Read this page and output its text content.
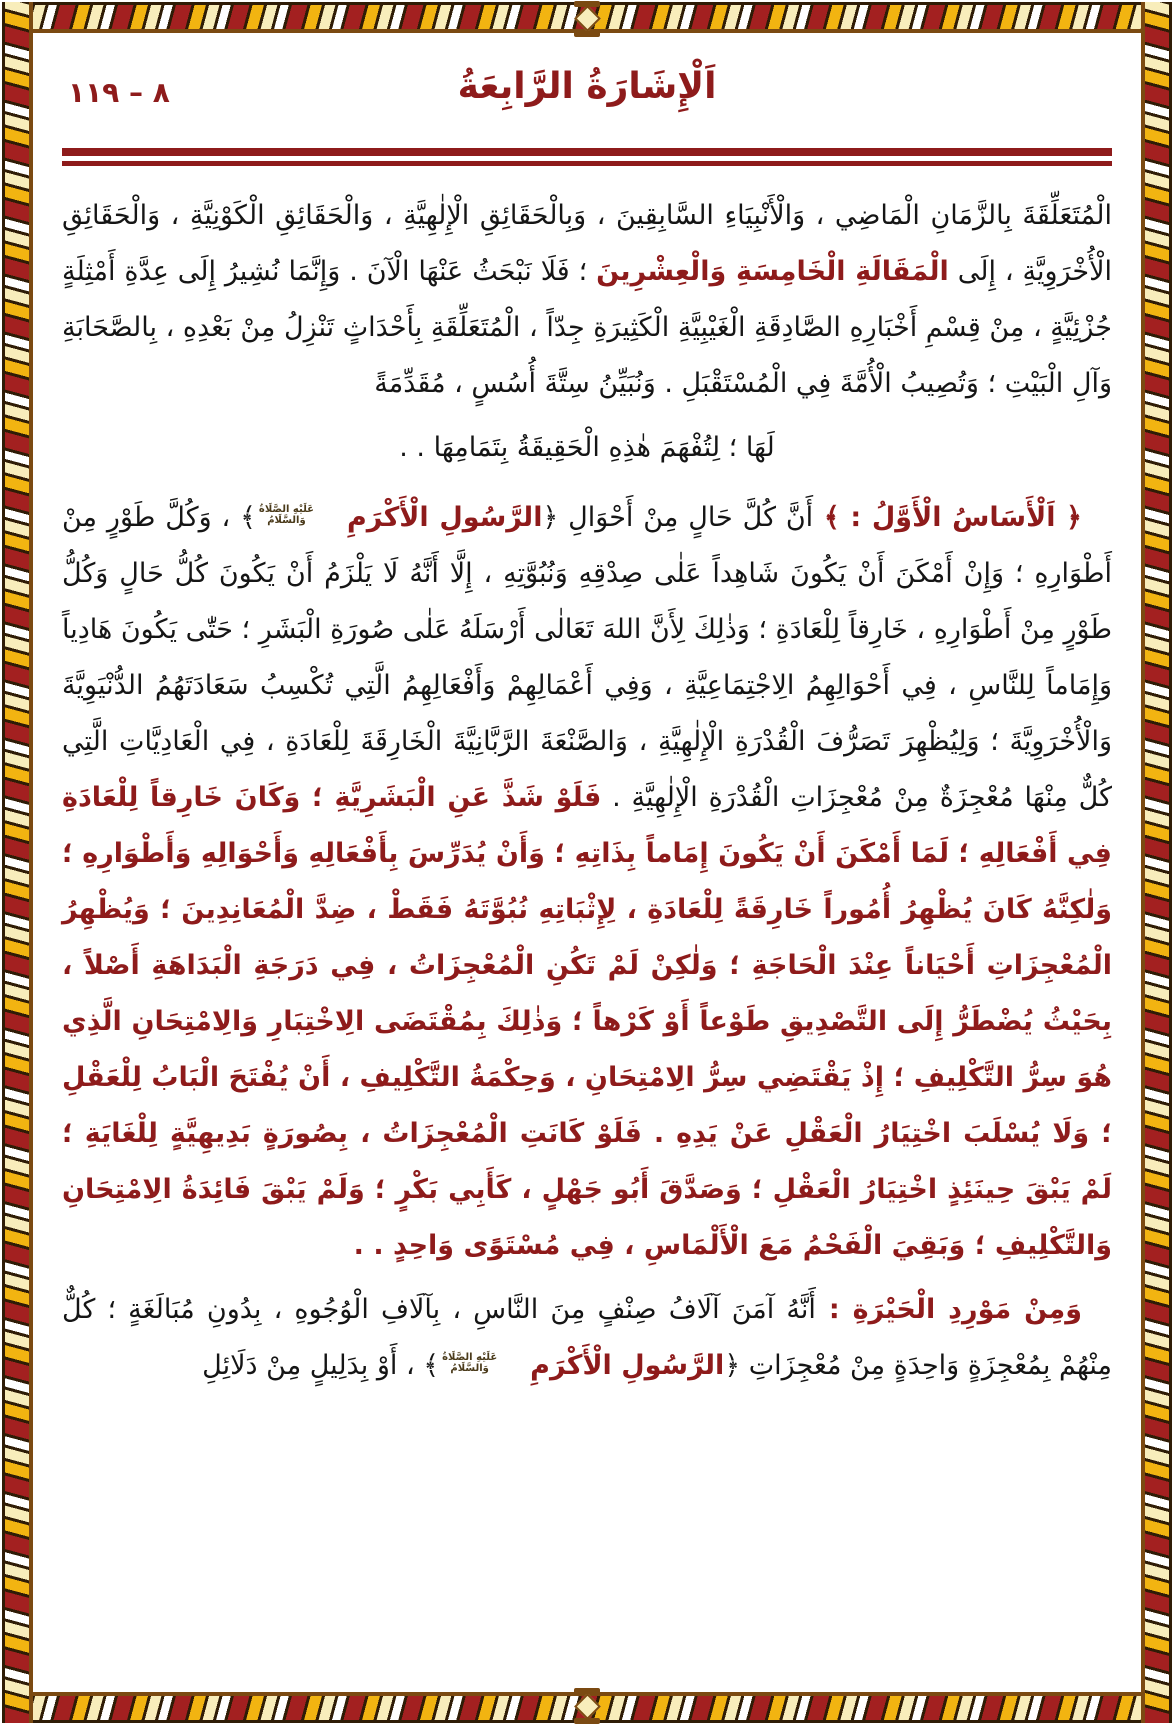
٨ – ١١٩	اَلْإِشَارَةُ الرَّابِعَةُ
الْمُتَعَلِّقَةَ بِالزَّمَانِ الْمَاضِي ، وَالْأَنْبِيَاءِ السَّابِقِينَ ، وَبِالْحَقَائِقِ الْإِلٰهِيَّةِ ، وَالْحَقَائِقِ الْكَوْنِيَّةِ ، وَالْحَقَائِقِ الْأُخْرَوِيَّةِ ، إِلَى الْمَقَالَةِ الْخَامِسَةِ وَالْعِشْرِينَ ؛ فَلَا نَبْحَثُ عَنْهَا الْآنَ . وَإِنَّمَا نُشِيرُ إِلَى عِدَّةِ أَمْثِلَةٍ جُزْئِيَّةٍ ، مِنْ قِسْمِ أَخْبَارِهِ الصَّادِقَةِ الْغَيْبِيَّةِ الْكَثِيرَةِ جِدّاً ، الْمُتَعَلِّقَةِ بِأَحْدَاثٍ تَنْزِلُ مِنْ بَعْدِهِ ، بِالصَّحَابَةِ وَآلِ الْبَيْتِ ؛ وَتُصِيبُ الْأُمَّةَ فِي الْمُسْتَقْبَلِ . وَنُبَيِّنُ سِتَّةَ أُسُسٍ ، مُقَدِّمَةً
لَهَا ؛ لِتُفْهَمَ هٰذِهِ الْحَقِيقَةُ بِتَمَامِهَا . .
﴿ اَلْأَسَاسُ الْأَوَّلُ : ﴾ أَنَّ كُلَّ حَالٍ مِنْ أَحْوَالِ ﴿الرَّسُولِ الْأَكْرَمِ
عَلَيْهِ الصَّلَاةُ
وَالسَّلَامُ
﴾ ، وَكُلَّ طَوْرٍ مِنْ أَطْوَارِهِ ؛ وَإِنْ أَمْكَنَ أَنْ يَكُونَ شَاهِداً عَلٰى صِدْقِهِ وَنُبُوَّتِهِ ، إِلَّا أَنَّهُ لَا يَلْزَمُ أَنْ يَكُونَ كُلُّ حَالٍ وَكُلُّ طَوْرٍ مِنْ أَطْوَارِهِ ، خَارِقاً لِلْعَادَةِ ؛ وَذٰلِكَ لِأَنَّ اللهَ تَعَالٰى أَرْسَلَهُ عَلٰى صُورَةِ الْبَشَرِ ؛ حَتّٰى يَكُونَ هَادِياً وَإِمَاماً لِلنَّاسِ ، فِي أَحْوَالِهِمُ الِاجْتِمَاعِيَّةِ ، وَفِي أَعْمَالِهِمْ وَأَفْعَالِهِمُ الَّتِي تُكْسِبُ سَعَادَتَهُمُ الدُّنْيَوِيَّةَ وَالْأُخْرَوِيَّةَ ؛ وَلِيُظْهِرَ تَصَرُّفَ الْقُدْرَةِ الْإِلٰهِيَّةِ ، وَالصَّنْعَةَ الرَّبَّانِيَّةَ الْخَارِقَةَ لِلْعَادَةِ ، فِي الْعَادِيَّاتِ الَّتِي كُلٌّ مِنْهَا مُعْجِزَةٌ مِنْ مُعْجِزَاتِ الْقُدْرَةِ الْإِلٰهِيَّةِ . فَلَوْ شَذَّ عَنِ الْبَشَرِيَّةِ ؛ وَكَانَ خَارِقاً لِلْعَادَةِ فِي أَفْعَالِهِ ؛ لَمَا أَمْكَنَ أَنْ يَكُونَ إِمَاماً بِذَاتِهِ ؛ وَأَنْ يُدَرِّسَ بِأَفْعَالِهِ وَأَحْوَالِهِ وَأَطْوَارِهِ ؛ وَلٰكِنَّهُ كَانَ يُظْهِرُ أُمُوراً خَارِقَةً لِلْعَادَةِ ، لِإِثْبَاتِهِ نُبُوَّتَهُ فَقَطْ ، ضِدَّ الْمُعَانِدِينَ ؛ وَيُظْهِرُ الْمُعْجِزَاتِ أَحْيَاناً عِنْدَ الْحَاجَةِ ؛ وَلٰكِنْ لَمْ تَكُنِ الْمُعْجِزَاتُ ، فِي دَرَجَةِ الْبَدَاهَةِ أَصْلاً ، بِحَيْثُ يُضْطَرُّ إِلَى التَّصْدِيقِ طَوْعاً أَوْ كَرْهاً ؛ وَذٰلِكَ بِمُقْتَضَى الِاخْتِبَارِ وَالِامْتِحَانِ الَّذِي هُوَ سِرُّ التَّكْلِيفِ ؛ إِذْ يَقْتَضِي سِرُّ الِامْتِحَانِ ، وَحِكْمَةُ التَّكْلِيفِ ، أَنْ يُفْتَحَ الْبَابُ لِلْعَقْلِ ؛ وَلَا يُسْلَبَ اخْتِيَارُ الْعَقْلِ عَنْ يَدِهِ . فَلَوْ كَانَتِ الْمُعْجِزَاتُ ، بِصُورَةٍ بَدِيهِيَّةٍ لِلْغَايَةِ ؛ لَمْ يَبْقَ حِينَئِذٍ اخْتِيَارُ الْعَقْلِ ؛ وَصَدَّقَ أَبُو جَهْلٍ ، كَأَبِي بَكْرٍ ؛ وَلَمْ يَبْقَ فَائِدَةُ الِامْتِحَانِ وَالتَّكْلِيفِ ؛ وَبَقِيَ الْفَحْمُ مَعَ الْأَلْمَاسِ ، فِي مُسْتَوًى وَاحِدٍ . .
وَمِنْ مَوْرِدِ الْحَيْرَةِ : أَنَّهُ آمَنَ آلَافُ صِنْفٍ مِنَ النَّاسِ ، بِآلَافِ الْوُجُوهِ ، بِدُونِ مُبَالَغَةٍ ؛ كُلٌّ مِنْهُمْ بِمُعْجِزَةٍ وَاحِدَةٍ مِنْ مُعْجِزَاتِ ﴿الرَّسُولِ الْأَكْرَمِ
عَلَيْهِ الصَّلَاةُ
وَالسَّلَامُ
﴾ ، أَوْ بِدَلِيلٍ مِنْ دَلَائِلِ
